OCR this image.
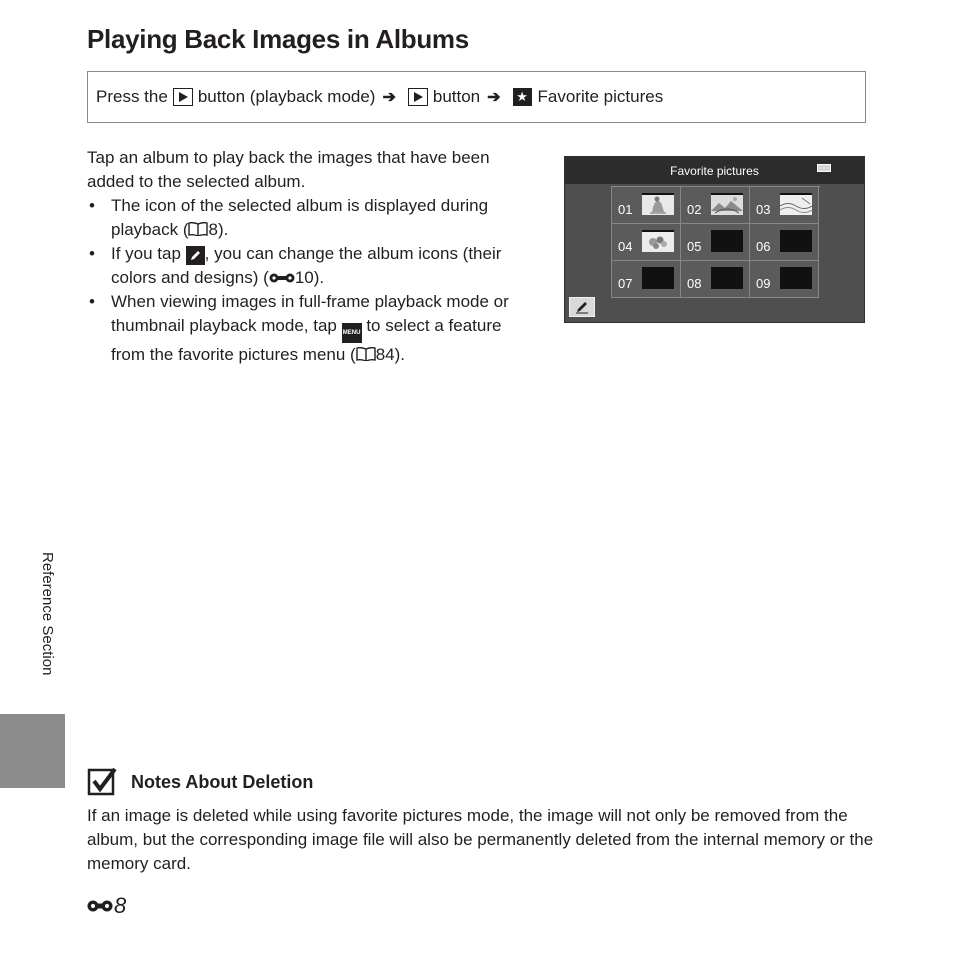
Playing Back Images in Albums
Press the button (playback mode) ➔ button ➔ ★ Favorite pictures

Tap an album to play back the images that have been added to the selected album.

• The icon of the selected album is displayed during playback ( 8).
• If you tap , you can change the album icons (their colors and designs) ( 10).
• When viewing images in full-frame playback mode or thumbnail playback mode, tap MENU to select a feature from the favorite pictures menu ( 84).
Favorite pictures
01	02	03
04	05	06
07	08	09
Reference Section
Notes About Deletion

If an image is deleted while using favorite pictures mode, the image will not only be removed from the album, but the corresponding image file will also be permanently deleted from the internal memory or the memory card.

8
